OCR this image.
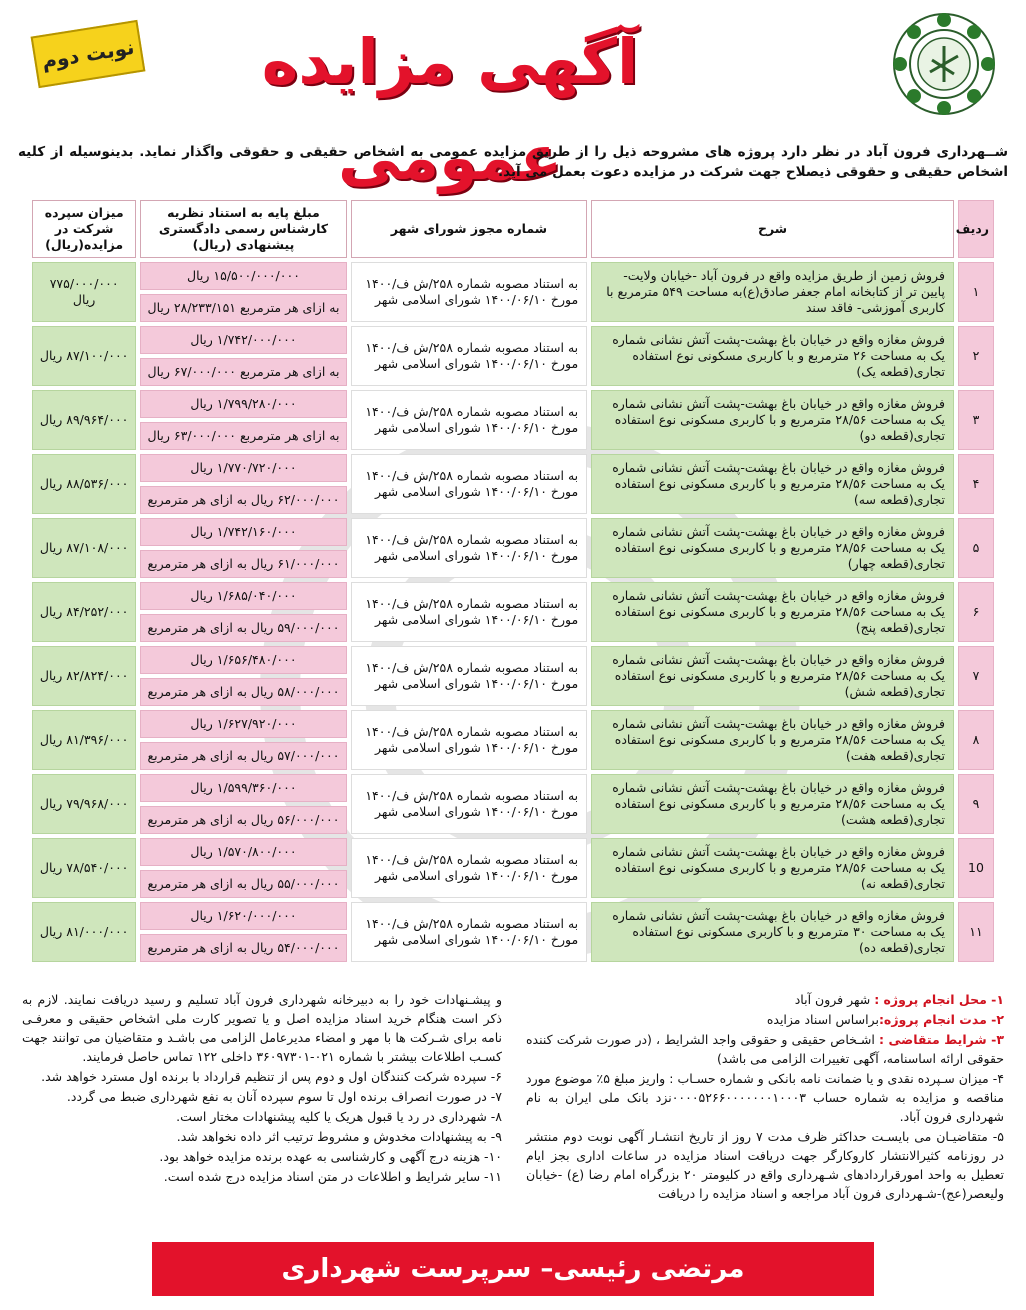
آگهی مزایده عمومی
نوبت دوم
شــهرداری فرون آباد در نظر دارد پروژه های مشروحه ذیل را از طریق مزایده عمومی به اشخاص حقیقی و حقوقی واگذار نماید. بدینوسیله از کلیه اشخاص حقیقی و حقوقی ذیصلاح جهت شرکت در مزایده دعوت بعمل می آید.
ردیف	شرح	شماره مجوز شورای شهر	مبلغ پایه به استناد نظریه کارشناس رسمی دادگستری پیشنهادی (ریال)	میزان سپرده شرکت در مزایده(ریال)
۱	فروش زمین از طریق مزایده واقع در فرون آباد -خیابان ولایت- پایین تر از کتابخانه امام جعفر صادق(ع)به مساحت ۵۴۹ مترمربع با کاربری آموزشی- فاقد سند	به استناد مصوبه شماره ۲۵۸/ش ف/۱۴۰۰ مورخ ۱۴۰۰/۰۶/۱۰ شورای اسلامی شهر	۱۵/۵۰۰/۰۰۰/۰۰۰ ریال
به ازای هر مترمربع ۲۸/۲۳۳/۱۵۱ ریال	۷۷۵/۰۰۰/۰۰۰ ریال
۲	فروش مغازه واقع در خیابان باغ بهشت-پشت آتش نشانی شماره یک به مساحت ۲۶ مترمربع و با کاربری مسکونی نوع استفاده تجاری(قطعه یک)	به استناد مصوبه شماره ۲۵۸/ش ف/۱۴۰۰ مورخ ۱۴۰۰/۰۶/۱۰ شورای اسلامی شهر	۱/۷۴۲/۰۰۰/۰۰۰ ریال
به ازای هر مترمربع ۶۷/۰۰۰/۰۰۰ ریال	۸۷/۱۰۰/۰۰۰ ریال
۳	فروش مغازه واقع در خیابان باغ بهشت-پشت آتش نشانی شماره یک به مساحت ۲۸/۵۶ مترمربع و با کاربری مسکونی نوع استفاده تجاری(قطعه دو)	به استناد مصوبه شماره ۲۵۸/ش ف/۱۴۰۰ مورخ ۱۴۰۰/۰۶/۱۰ شورای اسلامی شهر	۱/۷۹۹/۲۸۰/۰۰۰ ریال
به ازای هر مترمربع ۶۳/۰۰۰/۰۰۰ ریال	۸۹/۹۶۴/۰۰۰ ریال
۴	فروش مغازه واقع در خیابان باغ بهشت-پشت آتش نشانی شماره یک به مساحت ۲۸/۵۶ مترمربع و با کاربری مسکونی نوع استفاده تجاری(قطعه سه)	به استناد مصوبه شماره ۲۵۸/ش ف/۱۴۰۰ مورخ ۱۴۰۰/۰۶/۱۰ شورای اسلامی شهر	۱/۷۷۰/۷۲۰/۰۰۰ ریال
۶۲/۰۰۰/۰۰۰ ریال به ازای هر مترمربع	۸۸/۵۳۶/۰۰۰ ریال
۵	فروش مغازه واقع در خیابان باغ بهشت-پشت آتش نشانی شماره یک به مساحت ۲۸/۵۶ مترمربع و با کاربری مسکونی نوع استفاده تجاری(قطعه چهار)	به استناد مصوبه شماره ۲۵۸/ش ف/۱۴۰۰ مورخ ۱۴۰۰/۰۶/۱۰ شورای اسلامی شهر	۱/۷۴۲/۱۶۰/۰۰۰ ریال
۶۱/۰۰۰/۰۰۰ ریال به ازای هر مترمربع	۸۷/۱۰۸/۰۰۰ ریال
۶	فروش مغازه واقع در خیابان باغ بهشت-پشت آتش نشانی شماره یک به مساحت ۲۸/۵۶ مترمربع و با کاربری مسکونی نوع استفاده تجاری(قطعه پنج)	به استناد مصوبه شماره ۲۵۸/ش ف/۱۴۰۰ مورخ ۱۴۰۰/۰۶/۱۰ شورای اسلامی شهر	۱/۶۸۵/۰۴۰/۰۰۰ ریال
۵۹/۰۰۰/۰۰۰ ریال به ازای هر مترمربع	۸۴/۲۵۲/۰۰۰ ریال
۷	فروش مغازه واقع در خیابان باغ بهشت-پشت آتش نشانی شماره یک به مساحت ۲۸/۵۶ مترمربع و با کاربری مسکونی نوع استفاده تجاری(قطعه شش)	به استناد مصوبه شماره ۲۵۸/ش ف/۱۴۰۰ مورخ ۱۴۰۰/۰۶/۱۰ شورای اسلامی شهر	۱/۶۵۶/۴۸۰/۰۰۰ ریال
۵۸/۰۰۰/۰۰۰ ریال به ازای هر مترمربع	۸۲/۸۲۴/۰۰۰ ریال
۸	فروش مغازه واقع در خیابان باغ بهشت-پشت آتش نشانی شماره یک به مساحت ۲۸/۵۶ مترمربع و با کاربری مسکونی نوع استفاده تجاری(قطعه هفت)	به استناد مصوبه شماره ۲۵۸/ش ف/۱۴۰۰ مورخ ۱۴۰۰/۰۶/۱۰ شورای اسلامی شهر	۱/۶۲۷/۹۲۰/۰۰۰ ریال
۵۷/۰۰۰/۰۰۰ ریال به ازای هر مترمربع	۸۱/۳۹۶/۰۰۰ ریال
۹	فروش مغازه واقع در خیابان باغ بهشت-پشت آتش نشانی شماره یک به مساحت ۲۸/۵۶ مترمربع و با کاربری مسکونی نوع استفاده تجاری(قطعه هشت)	به استناد مصوبه شماره ۲۵۸/ش ف/۱۴۰۰ مورخ ۱۴۰۰/۰۶/۱۰ شورای اسلامی شهر	۱/۵۹۹/۳۶۰/۰۰۰ ریال
۵۶/۰۰۰/۰۰۰ ریال به ازای هر مترمربع	۷۹/۹۶۸/۰۰۰ ریال
10	فروش مغازه واقع در خیابان باغ بهشت-پشت آتش نشانی شماره یک به مساحت ۲۸/۵۶ مترمربع و با کاربری مسکونی نوع استفاده تجاری(قطعه نه)	به استناد مصوبه شماره ۲۵۸/ش ف/۱۴۰۰ مورخ ۱۴۰۰/۰۶/۱۰ شورای اسلامی شهر	۱/۵۷۰/۸۰۰/۰۰۰ ریال
۵۵/۰۰۰/۰۰۰ ریال به ازای هر مترمربع	۷۸/۵۴۰/۰۰۰ ریال
۱۱	فروش مغازه واقع در خیابان باغ بهشت-پشت آتش نشانی شماره یک به مساحت ۳۰ مترمربع و با کاربری مسکونی نوع استفاده تجاری(قطعه ده)	به استناد مصوبه شماره ۲۵۸/ش ف/۱۴۰۰ مورخ ۱۴۰۰/۰۶/۱۰ شورای اسلامی شهر	۱/۶۲۰/۰۰۰/۰۰۰ ریال
۵۴/۰۰۰/۰۰۰ ریال به ازای هر مترمربع	۸۱/۰۰۰/۰۰۰ ریال
۱- محل انجام پروژه : شهر فرون آباد
۲- مدت انجام پروژه:براساس اسناد مزایده
۳- شرایط متقاضی : اشـخاص حقیقی و حقوقی واجد الشرایط ، (در صورت شرکت کننده حقوقی ارائه اساسنامه، آگهی تغییرات الزامی می باشد)
۴- میزان سـپرده نقدی و یا ضمانت نامه بانکی و شماره حسـاب : واریز مبلغ ۵٪ موضوع مورد مناقصه و مزایده به شماره حساب ۰۰۰۰۵۲۶۶۰۰۰۰۰۰۰۱۰۰۰۳نزد بانک ملی ایران به نام شهرداری فرون آباد.
۵- متقاضیـان می بایسـت حداکثر ظرف مدت ۷ روز از تاریخ انتشـار آگهی نوبت دوم منتشر در روزنامه کثیرالانتشار کاروکارگر جهت دریافت اسناد مزایده در ساعات اداری بجز ایام تعطیل به واحد امورقراردادهای شـهرداری واقع در کلیومتر ۲۰ بزرگراه امام رضا (ع) -خیابان ولیعصر(عج)-شـهرداری فرون آباد مراجعه و اسناد مزایده را دریافت
و پیشـنهادات خود را به دبیرخانه شهرداری فرون آباد تسلیم و رسید دریافت نمایند. لازم به ذکر است هنگام خرید اسناد مزایده اصل و یا تصویر کارت ملی اشخاص حقیقی و معرفـی نامه برای شـرکت ها با مهر و امضاء مدیرعامل الزامی می باشـد و متقاضیان می توانند جهت کسـب اطلاعات بیشتر با شماره ۰۲۱-۳۶۰۹۷۳۰۱ داخلی ۱۲۲ تماس حاصل فرمایند.
۶- سپرده شرکت کنندگان اول و دوم پس از تنظیم قرارداد با برنده اول مسترد خواهد شد.
۷- در صورت انصراف برنده اول تا سوم سپرده آنان به نفع شهرداری ضبط می گردد.
۸- شهرداری در رد یا قبول هریک یا کلیه پیشنهادات مختار است.
۹- به پیشنهادات مخدوش و مشروط ترتیب اثر داده نخواهد شد.
۱۰- هزینه درج آگهی و کارشناسی به عهده برنده مزایده خواهد بود.
۱۱- سایر شرایط و اطلاعات در متن اسناد مزایده درج شده است.
مرتضی رئیسی– سرپرست شهرداری
